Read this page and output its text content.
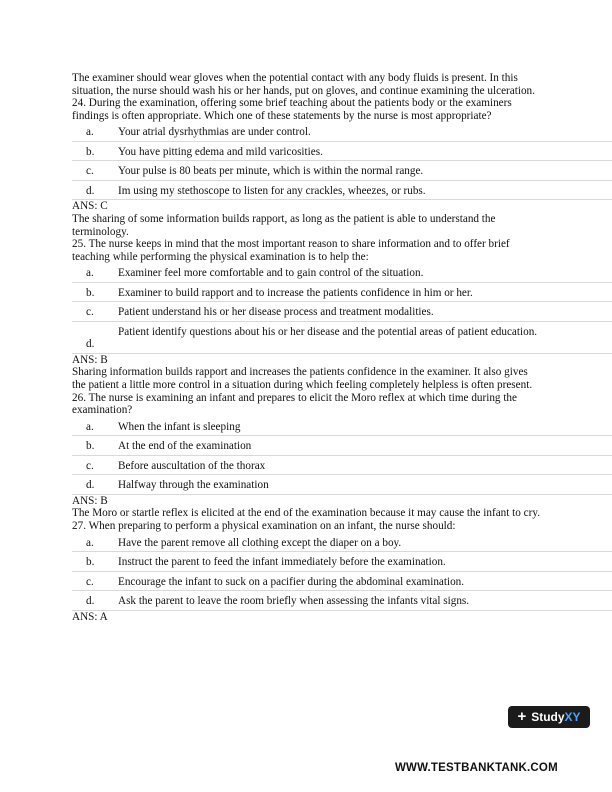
The examiner should wear gloves when the potential contact with any body fluids is present. In this situation, the nurse should wash his or her hands, put on gloves, and continue examining the ulceration.

24. During the examination, offering some brief teaching about the patients body or the examiners findings is often appropriate. Which one of these statements by the nurse is most appropriate?

a.	Your atrial dysrhythmias are under control.
b.	You have pitting edema and mild varicosities.
c.	Your pulse is 80 beats per minute, which is within the normal range.
d.	Im using my stethoscope to listen for any crackles, wheezes, or rubs.

ANS: C

The sharing of some information builds rapport, as long as the patient is able to understand the terminology.

25. The nurse keeps in mind that the most important reason to share information and to offer brief teaching while performing the physical examination is to help the:

a.	Examiner feel more comfortable and to gain control of the situation.
b.	Examiner to build rapport and to increase the patients confidence in him or her.
c.	Patient understand his or her disease process and treatment modalities.
d.
Patient identify questions about his or her disease and the potential areas of patient education.

ANS: B

Sharing information builds rapport and increases the patients confidence in the examiner. It also gives the patient a little more control in a situation during which feeling completely helpless is often present.

26. The nurse is examining an infant and prepares to elicit the Moro reflex at which time during the examination?

a.	When the infant is sleeping
b.	At the end of the examination
c.	Before auscultation of the thorax
d.	Halfway through the examination

ANS: B

The Moro or startle reflex is elicited at the end of the examination because it may cause the infant to cry.

27. When preparing to perform a physical examination on an infant, the nurse should:

a.	Have the parent remove all clothing except the diaper on a boy.
b.	Instruct the parent to feed the infant immediately before the examination.
c.	Encourage the infant to suck on a pacifier during the abdominal examination.
d.	Ask the parent to leave the room briefly when assessing the infants vital signs.

ANS: A

+ Study XY
WWW.TESTBANKTANK.COM
